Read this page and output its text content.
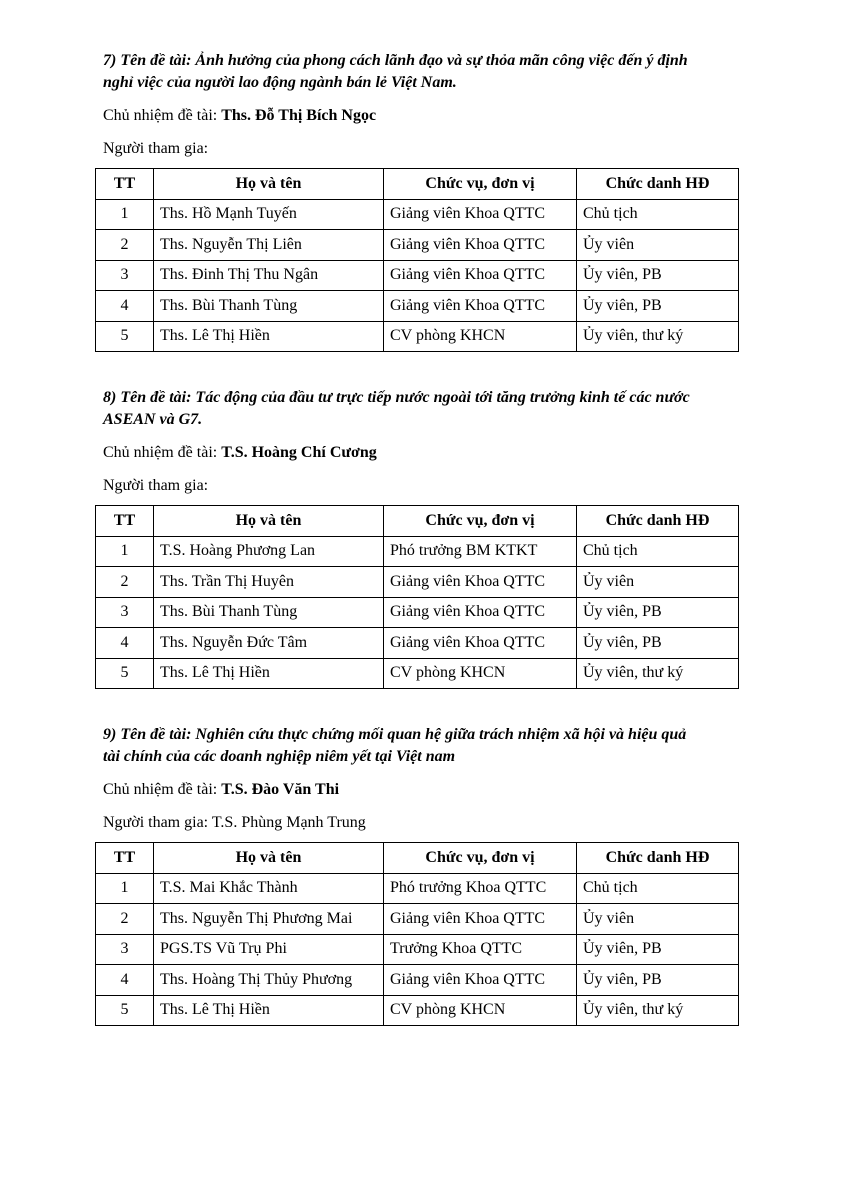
7) Tên đề tài: Ảnh hưởng của phong cách lãnh đạo và sự thỏa mãn công việc đến ý định
nghỉ việc của người lao động ngành bán lẻ Việt Nam.
Chủ nhiệm đề tài: Ths. Đỗ Thị Bích Ngọc
Người tham gia:
TT	Họ và tên	Chức vụ, đơn vị	Chức danh HĐ
1	Ths. Hồ Mạnh Tuyến	Giảng viên Khoa QTTC	Chủ tịch
2	Ths. Nguyễn Thị Liên	Giảng viên Khoa QTTC	Ủy viên
3	Ths. Đinh Thị Thu Ngân	Giảng viên Khoa QTTC	Ủy viên, PB
4	Ths. Bùi Thanh Tùng	Giảng viên Khoa QTTC	Ủy viên, PB
5	Ths. Lê Thị Hiền	CV phòng KHCN	Ủy viên, thư ký
8) Tên đề tài: Tác động của đầu tư trực tiếp nước ngoài tới tăng trưởng kinh tế các nước
ASEAN và G7.
Chủ nhiệm đề tài: T.S. Hoàng Chí Cương
Người tham gia:
TT	Họ và tên	Chức vụ, đơn vị	Chức danh HĐ
1	T.S. Hoàng Phương Lan	Phó trưởng BM KTKT	Chủ tịch
2	Ths. Trần Thị Huyên	Giảng viên Khoa QTTC	Ủy viên
3	Ths. Bùi Thanh Tùng	Giảng viên Khoa QTTC	Ủy viên, PB
4	Ths. Nguyễn Đức Tâm	Giảng viên Khoa QTTC	Ủy viên, PB
5	Ths. Lê Thị Hiền	CV phòng KHCN	Ủy viên, thư ký
9) Tên đề tài: Nghiên cứu thực chứng mối quan hệ giữa trách nhiệm xã hội và hiệu quả
tài chính của các doanh nghiệp niêm yết tại Việt nam
Chủ nhiệm đề tài: T.S. Đào Văn Thi
Người tham gia: T.S. Phùng Mạnh Trung
TT	Họ và tên	Chức vụ, đơn vị	Chức danh HĐ
1	T.S. Mai Khắc Thành	Phó trưởng Khoa QTTC	Chủ tịch
2	Ths. Nguyễn Thị Phương Mai	Giảng viên Khoa QTTC	Ủy viên
3	PGS.TS Vũ Trụ Phi	Trưởng Khoa QTTC	Ủy viên, PB
4	Ths. Hoàng Thị Thủy Phương	Giảng viên Khoa QTTC	Ủy viên, PB
5	Ths. Lê Thị Hiền	CV phòng KHCN	Ủy viên, thư ký
